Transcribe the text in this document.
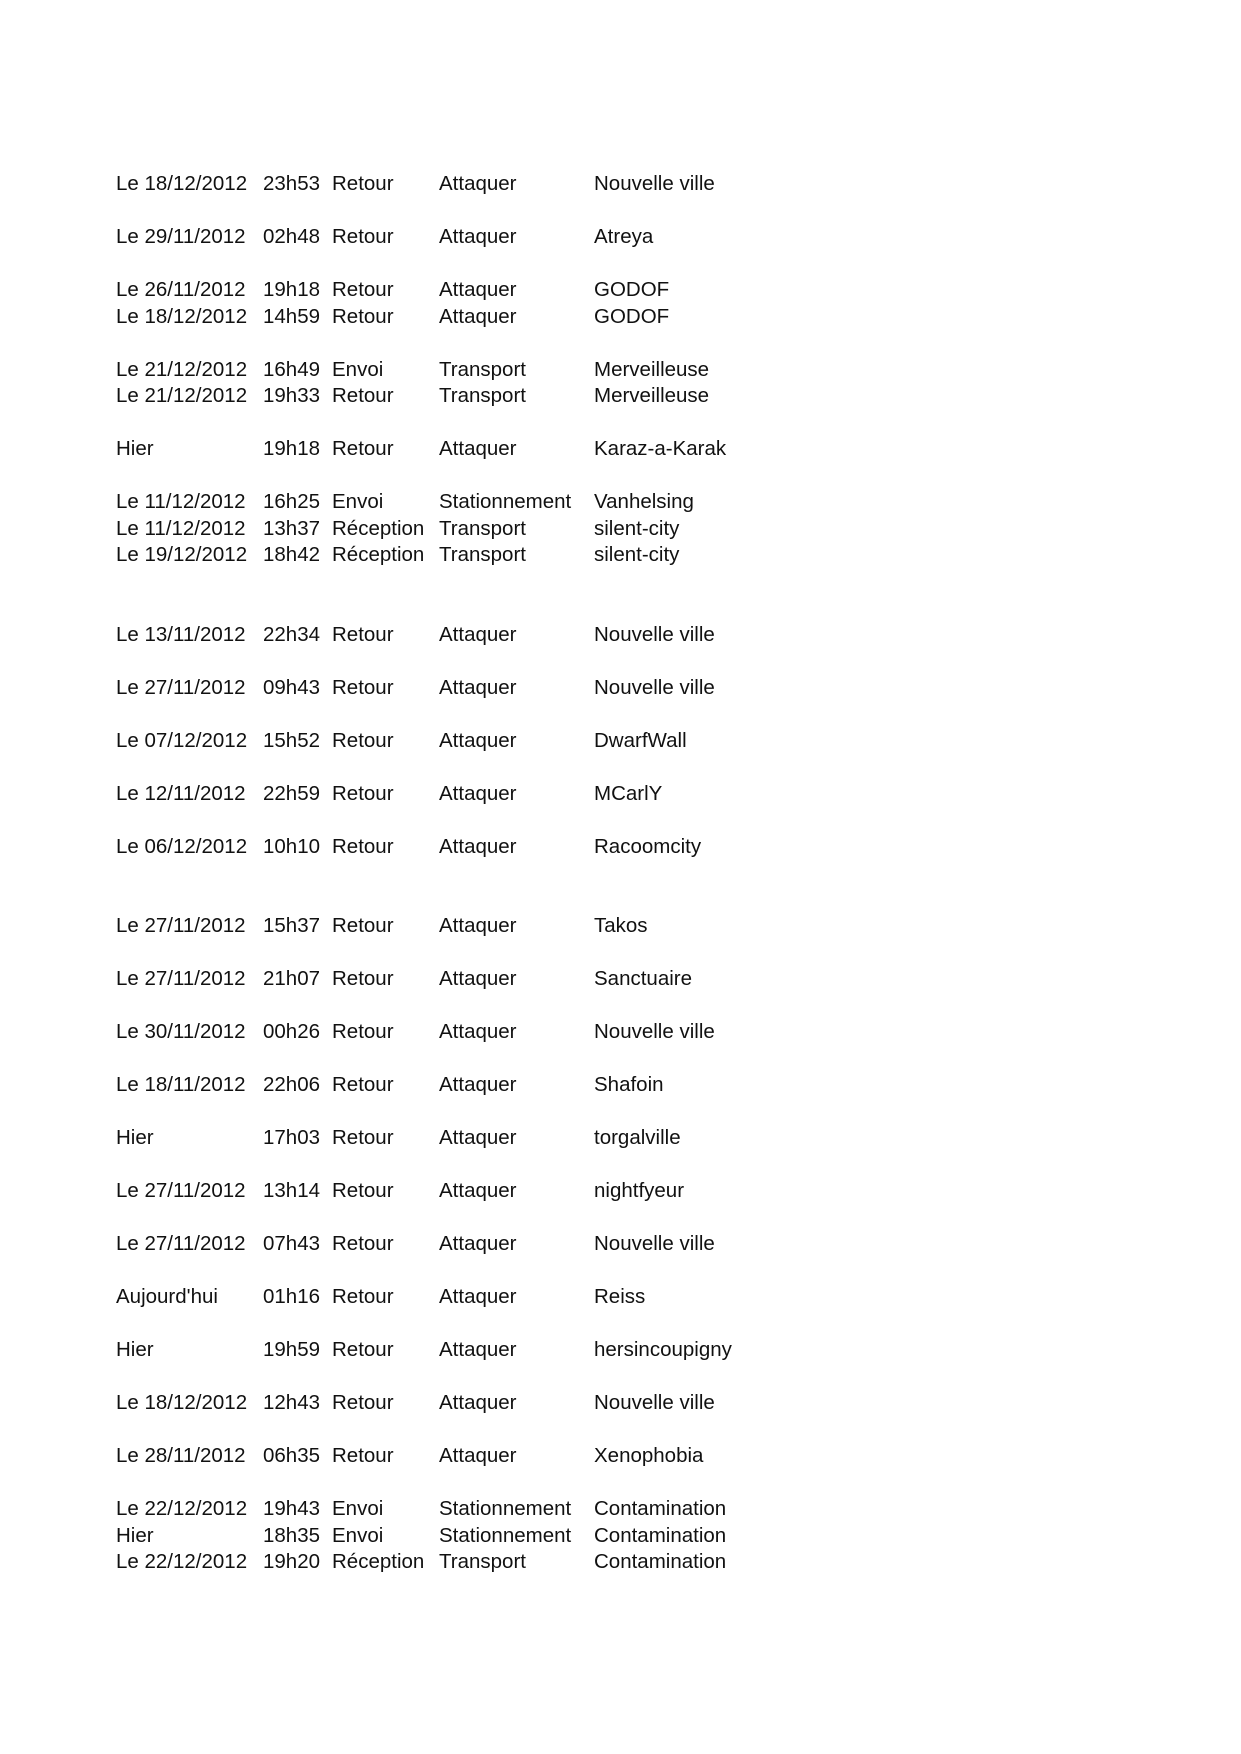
Le 18/12/2012 23h53 Retour Attaquer	Nouvelle ville
Le 29/11/2012 02h48 Retour Attaquer	Atreya
Le 26/11/2012 19h18 Retour Attaquer	GODOF
Le 18/12/2012 14h59 Retour Attaquer	GODOF
Le 21/12/2012 16h49 Envoi	Transport	Merveilleuse
Le 21/12/2012 19h33 Retour Transport	Merveilleuse
Hier	19h18 Retour Attaquer	Karaz-a-Karak
Le 11/12/2012 16h25 Envoi	Stationnement Vanhelsing
Le 11/12/2012 13h37 Réception Transport	silent-city
Le 19/12/2012 18h42 Réception Transport	silent-city
Le 13/11/2012 22h34 Retour Attaquer	Nouvelle ville
Le 27/11/2012 09h43 Retour Attaquer	Nouvelle ville
Le 07/12/2012 15h52 Retour Attaquer	DwarfWall
Le 12/11/2012 22h59 Retour Attaquer	MCarlY
Le 06/12/2012 10h10 Retour Attaquer	Racoomcity
Le 27/11/2012 15h37 Retour Attaquer	Takos
Le 27/11/2012 21h07 Retour Attaquer	Sanctuaire
Le 30/11/2012 00h26 Retour Attaquer	Nouvelle ville
Le 18/11/2012 22h06 Retour Attaquer	Shafoin
Hier	17h03 Retour Attaquer	torgalville
Le 27/11/2012 13h14 Retour Attaquer	nightfyeur
Le 27/11/2012 07h43 Retour Attaquer	Nouvelle ville
Aujourd'hui 01h16 Retour Attaquer	Reiss
Hier	19h59 Retour Attaquer	hersincoupigny
Le 18/12/2012 12h43 Retour Attaquer	Nouvelle ville
Le 28/11/2012 06h35 Retour Attaquer	Xenophobia
Le 22/12/2012 19h43 Envoi	Stationnement Contamination
Hier	18h35 Envoi	Stationnement Contamination
Le 22/12/2012 19h20 Réception Transport	Contamination
